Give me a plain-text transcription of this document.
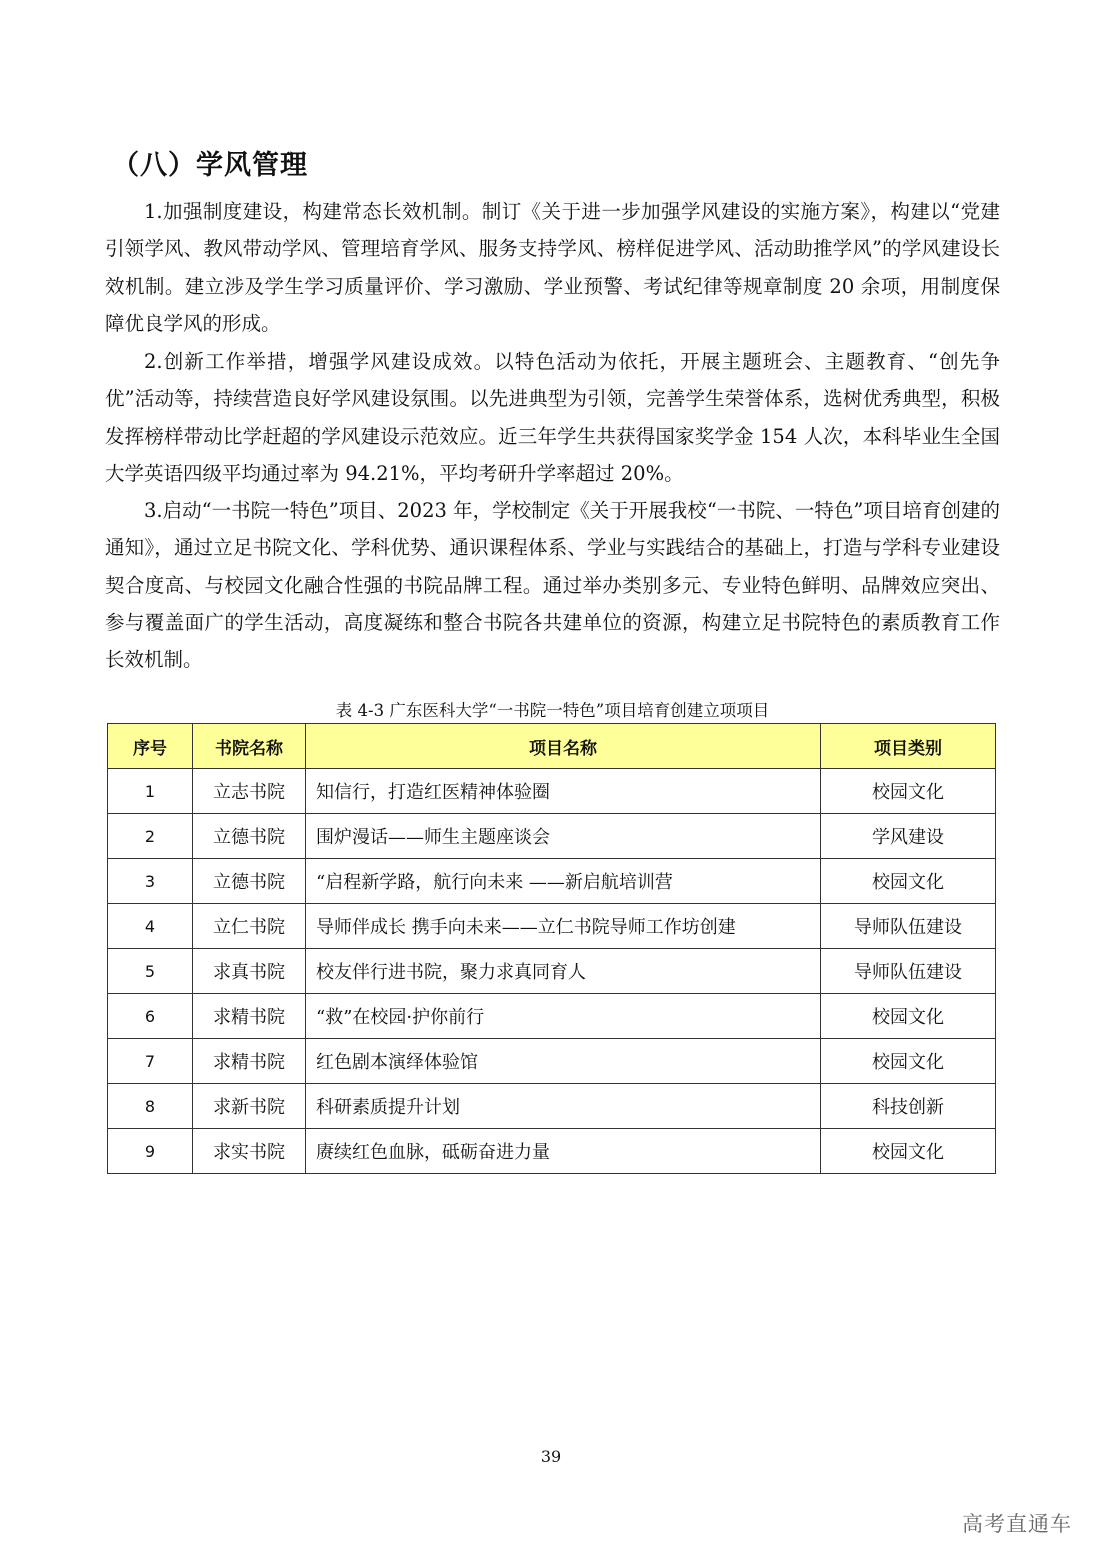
（八）学风管理

1.加强制度建设，构建常态长效机制。制订《关于进一步加强学风建设的实施方案》，构建以“党建引领学风、教风带动学风、管理培育学风、服务支持学风、榜样促进学风、活动助推学风”的学风建设长效机制。建立涉及学生学习质量评价、学习激励、学业预警、考试纪律等规章制度 20 余项，用制度保障优良学风的形成。

2.创新工作举措，增强学风建设成效。以特色活动为依托，开展主题班会、主题教育、“创先争优”活动等，持续营造良好学风建设氛围。以先进典型为引领，完善学生荣誉体系，选树优秀典型，积极发挥榜样带动比学赶超的学风建设示范效应。近三年学生共获得国家奖学金 154 人次，本科毕业生全国大学英语四级平均通过率为 94.21%，平均考研升学率超过 20%。

3.启动“一书院一特色”项目、2023 年，学校制定《关于开展我校“一书院、一特色”项目培育创建的通知》，通过立足书院文化、学科优势、通识课程体系、学业与实践结合的基础上，打造与学科专业建设契合度高、与校园文化融合性强的书院品牌工程。通过举办类别多元、专业特色鲜明、品牌效应突出、参与覆盖面广的学生活动，高度凝练和整合书院各共建单位的资源，构建立足书院特色的素质教育工作长效机制。

表 4-3 广东医科大学“一书院一特色”项目培育创建立项项目

序号	书院名称	项目名称	项目类别
1	立志书院	知信行，打造红医精神体验圈	校园文化
2	立德书院	围炉漫话——师生主题座谈会	学风建设
3	立德书院	“启程新学路，航行向未来 ——新启航培训营	校园文化
4	立仁书院	导师伴成长 携手向未来——立仁书院导师工作坊创建	导师队伍建设
5	求真书院	校友伴行进书院，聚力求真同育人	导师队伍建设
6	求精书院	“救”在校园·护你前行	校园文化
7	求精书院	红色剧本演绎体验馆	校园文化
8	求新书院	科研素质提升计划	科技创新
9	求实书院	赓续红色血脉，砥砺奋进力量	校园文化
39
高考直通车
